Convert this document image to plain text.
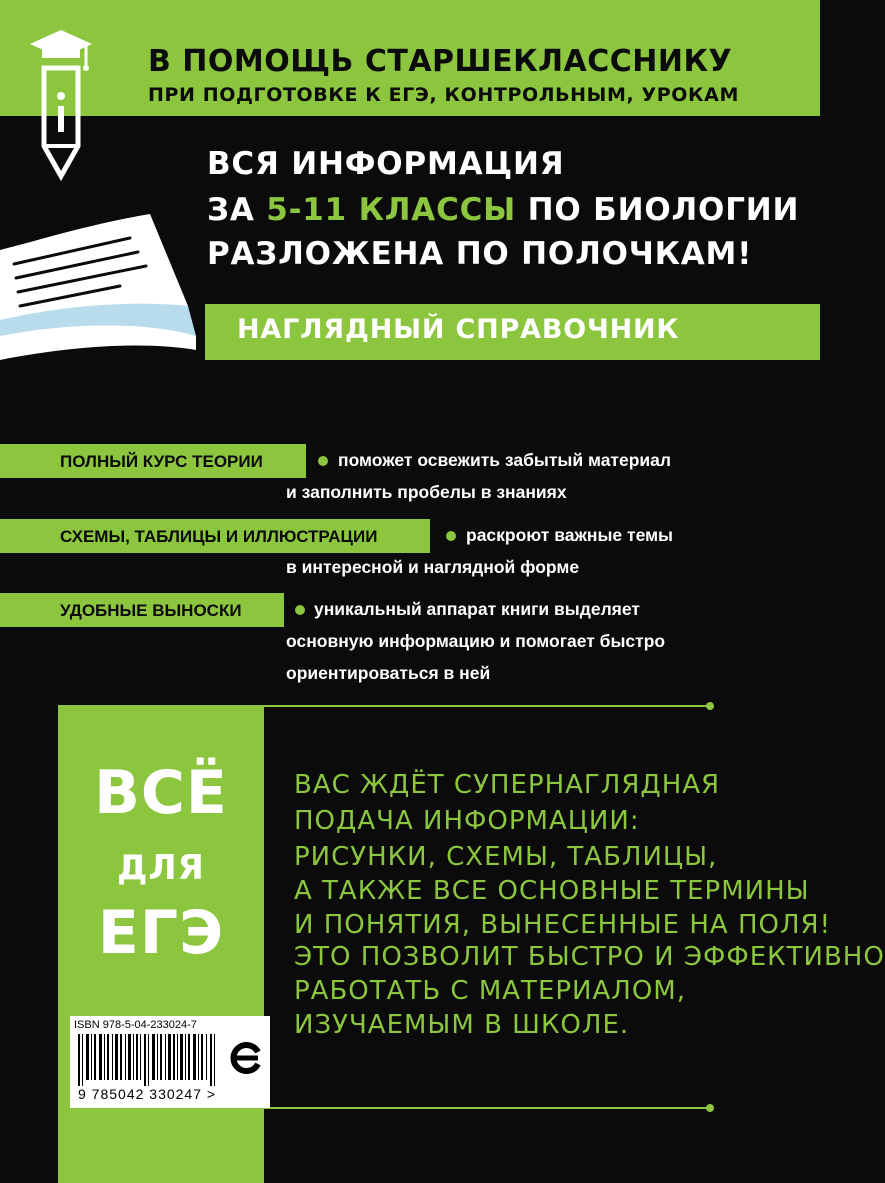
В ПОМОЩЬ СТАРШЕКЛАССНИКУ
ПРИ ПОДГОТОВКЕ К ЕГЭ, КОНТРОЛЬНЫМ, УРОКАМ
ВСЯ ИНФОРМАЦИЯ
ЗА 5-11 КЛАССЫ ПО БИОЛОГИИ
РАЗЛОЖЕНА ПО ПОЛОЧКАМ!
НАГЛЯДНЫЙ СПРАВОЧНИК
ПОЛНЫЙ КУРС ТЕОРИИ	поможет освежить забытый материал
и заполнить пробелы в знаниях
СХЕМЫ, ТАБЛИЦЫ И ИЛЛЮСТРАЦИИ	раскроют важные темы
в интересной и наглядной форме
УДОБНЫЕ ВЫНОСКИ	уникальный аппарат книги выделяет
основную информацию и помогает быстро
ориентироваться в ней
ВСЁ
ДЛЯ
ЕГЭ
ВАС ЖДЁТ СУПЕРНАГЛЯДНАЯ
ПОДАЧА ИНФОРМАЦИИ:
РИСУНКИ, СХЕМЫ, ТАБЛИЦЫ,
А ТАКЖЕ ВСЕ ОСНОВНЫЕ ТЕРМИНЫ
И ПОНЯТИЯ, ВЫНЕСЕННЫЕ НА ПОЛЯ!
ЭТО ПОЗВОЛИТ БЫСТРО И ЭФФЕКТИВНО
РАБОТАТЬ С МАТЕРИАЛОМ,
ИЗУЧАЕМЫМ В ШКОЛЕ.
ISBN 978-5-04-233024-7
9 785042 330247 >
